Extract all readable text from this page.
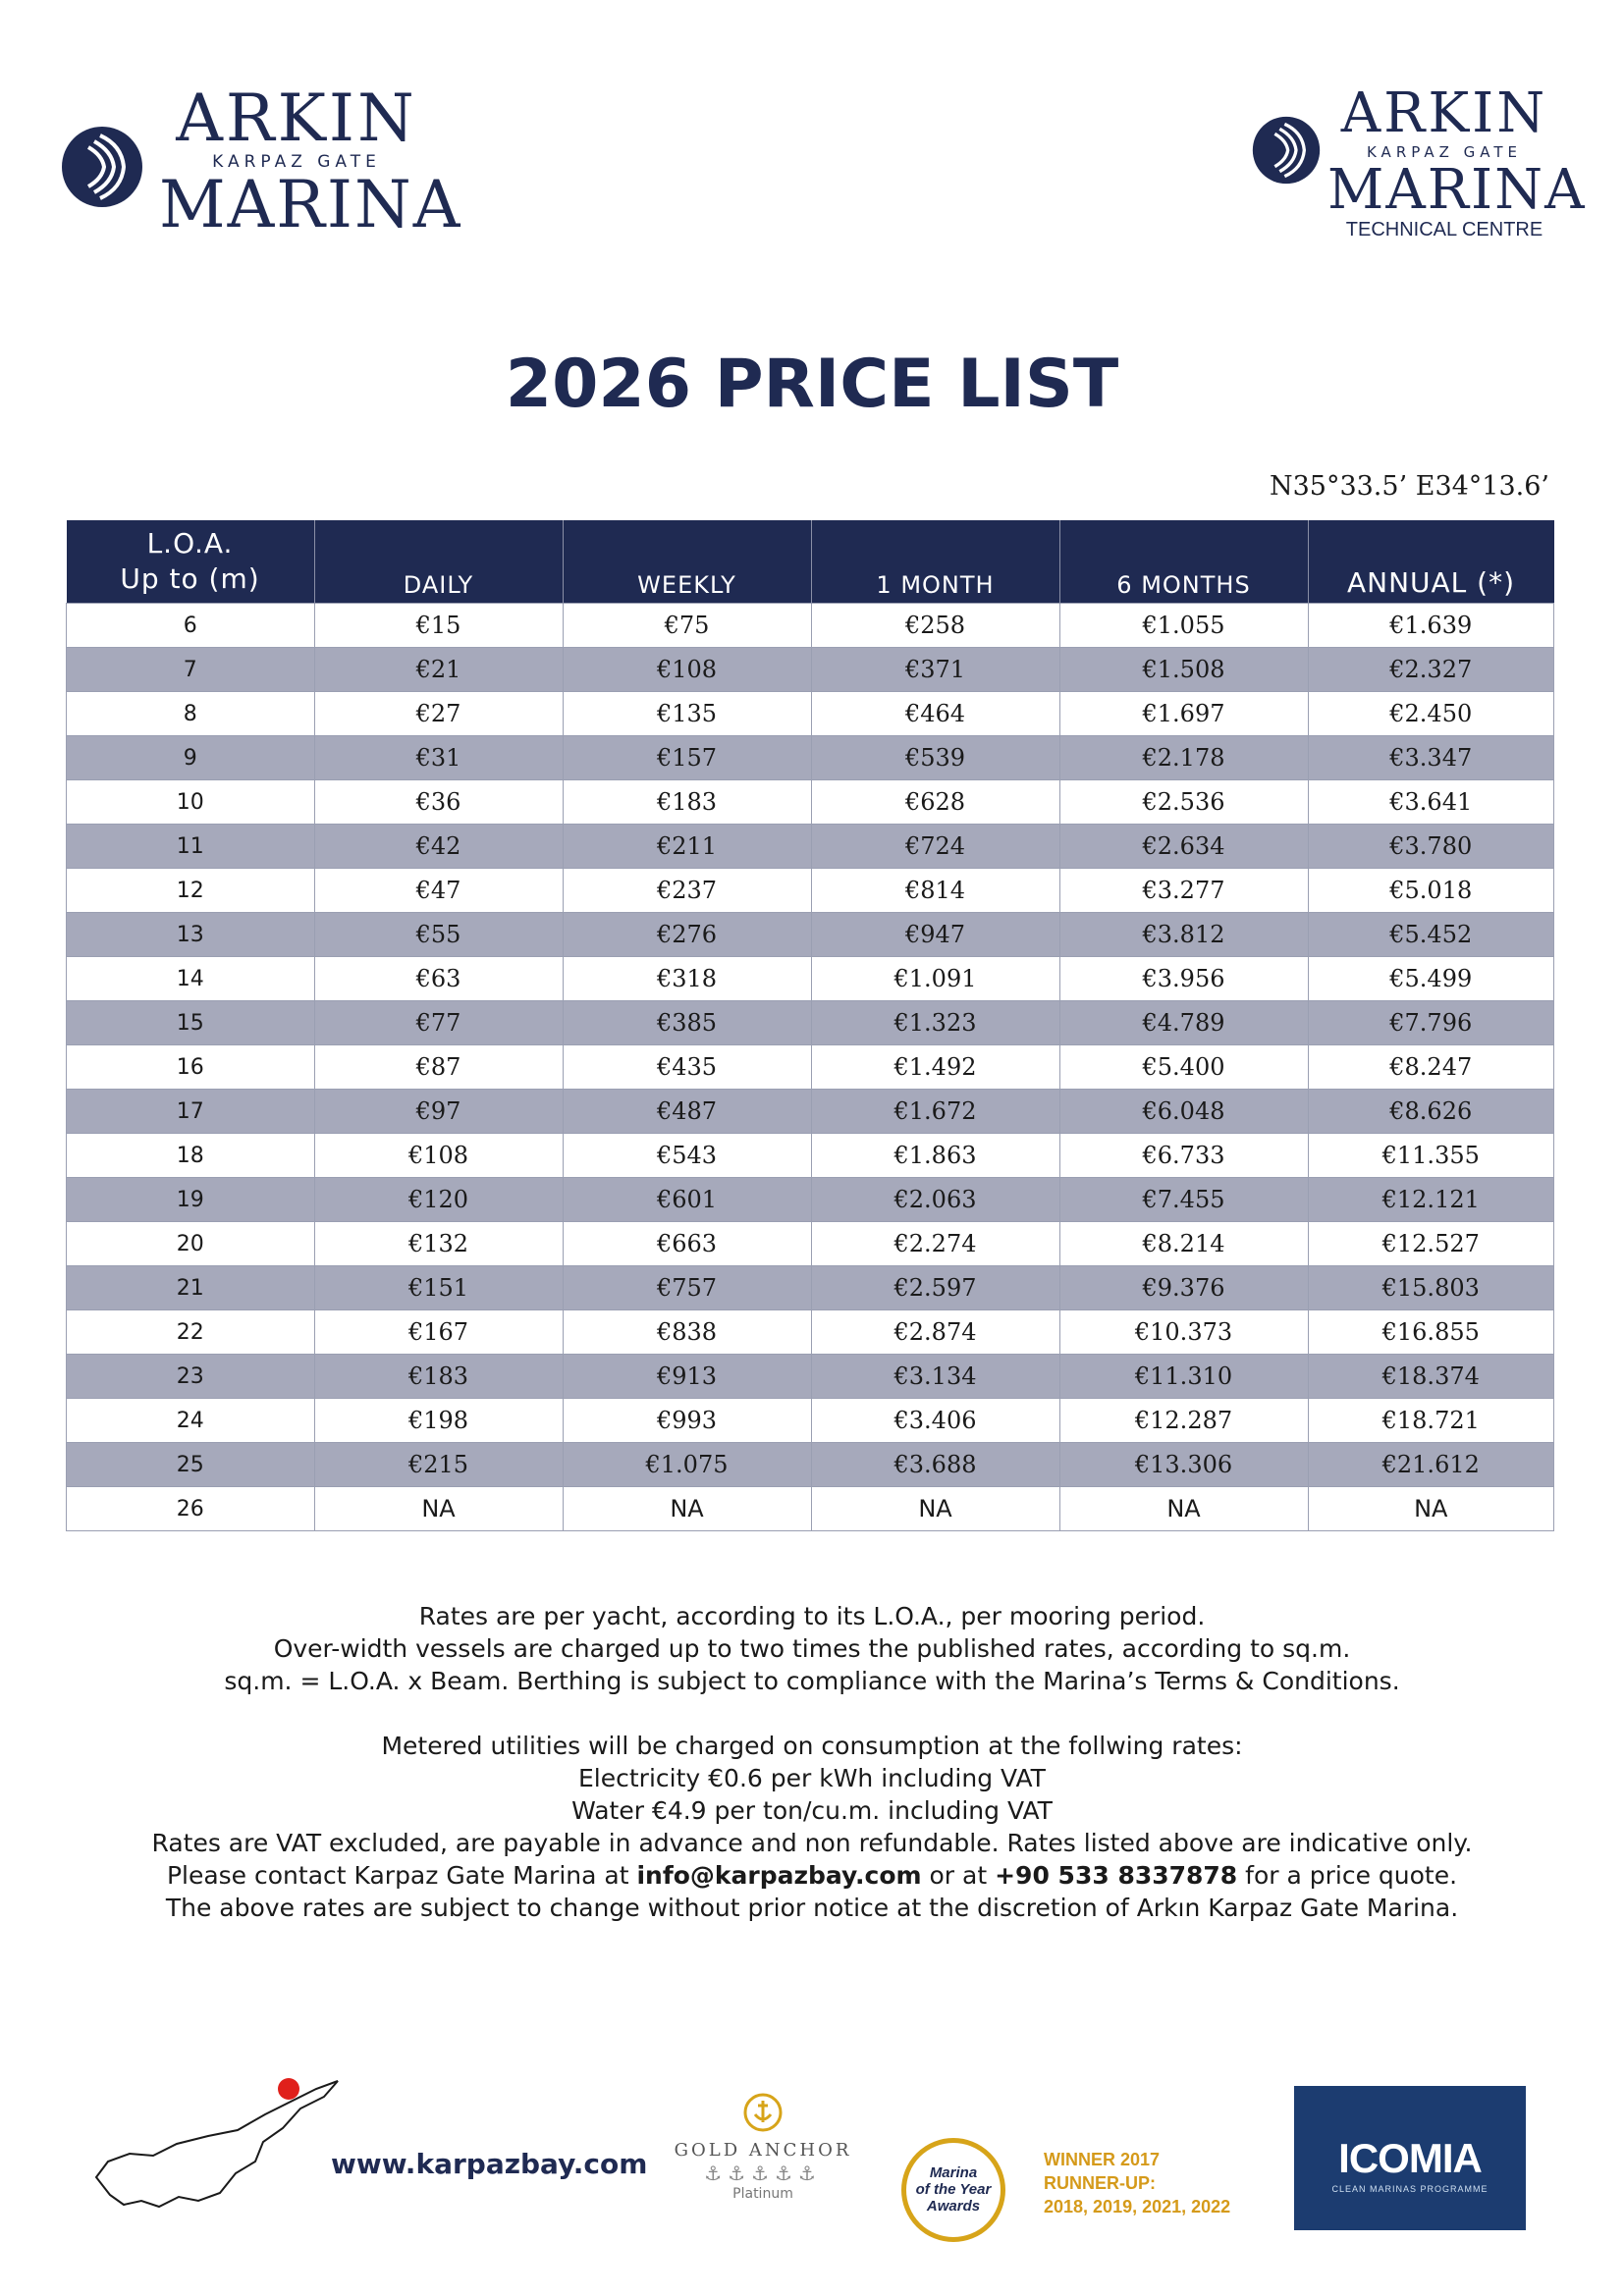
ARKIN
KARPAZ GATE
MARINA
ARKIN
KARPAZ GATE
MARINA
TECHNICAL CENTRE
2026 PRICE LIST
N35°33.5’ E34°13.6’
L.O.A.
Up to (m)	DAILY	WEEKLY	1 MONTH	6 MONTHS	ANNUAL (*)
6	€15	€75	€258	€1.055	€1.639
7	€21	€108	€371	€1.508	€2.327
8	€27	€135	€464	€1.697	€2.450
9	€31	€157	€539	€2.178	€3.347
10	€36	€183	€628	€2.536	€3.641
11	€42	€211	€724	€2.634	€3.780
12	€47	€237	€814	€3.277	€5.018
13	€55	€276	€947	€3.812	€5.452
14	€63	€318	€1.091	€3.956	€5.499
15	€77	€385	€1.323	€4.789	€7.796
16	€87	€435	€1.492	€5.400	€8.247
17	€97	€487	€1.672	€6.048	€8.626
18	€108	€543	€1.863	€6.733	€11.355
19	€120	€601	€2.063	€7.455	€12.121
20	€132	€663	€2.274	€8.214	€12.527
21	€151	€757	€2.597	€9.376	€15.803
22	€167	€838	€2.874	€10.373	€16.855
23	€183	€913	€3.134	€11.310	€18.374
24	€198	€993	€3.406	€12.287	€18.721
25	€215	€1.075	€3.688	€13.306	€21.612
26	NA	NA	NA	NA	NA

Rates are per yacht, according to its L.O.A., per mooring period.

Over-width vessels are charged up to two times the published rates, according to sq.m.

sq.m. = L.O.A. x Beam. Berthing is subject to compliance with the Marina’s Terms & Conditions.

Metered utilities will be charged on consumption at the follwing rates:

Electricity €0.6 per kWh including VAT

Water €4.9 per ton/cu.m. including VAT

Rates are VAT excluded, are payable in advance and non refundable. Rates listed above are indicative only.

Please contact Karpaz Gate Marina at info@karpazbay.com or at +90 533 8337878 for a price quote.

The above rates are subject to change without prior notice at the discretion of Arkın Karpaz Gate Marina.

www.karpazbay.com GOLD ANCHOR
⚓⚓⚓⚓⚓
Platinum
Marina
of the Year
Awards
WINNER 2017
RUNNER-UP:
2018, 2019, 2021, 2022
ICOMIA
CLEAN MARINAS PROGRAMME
